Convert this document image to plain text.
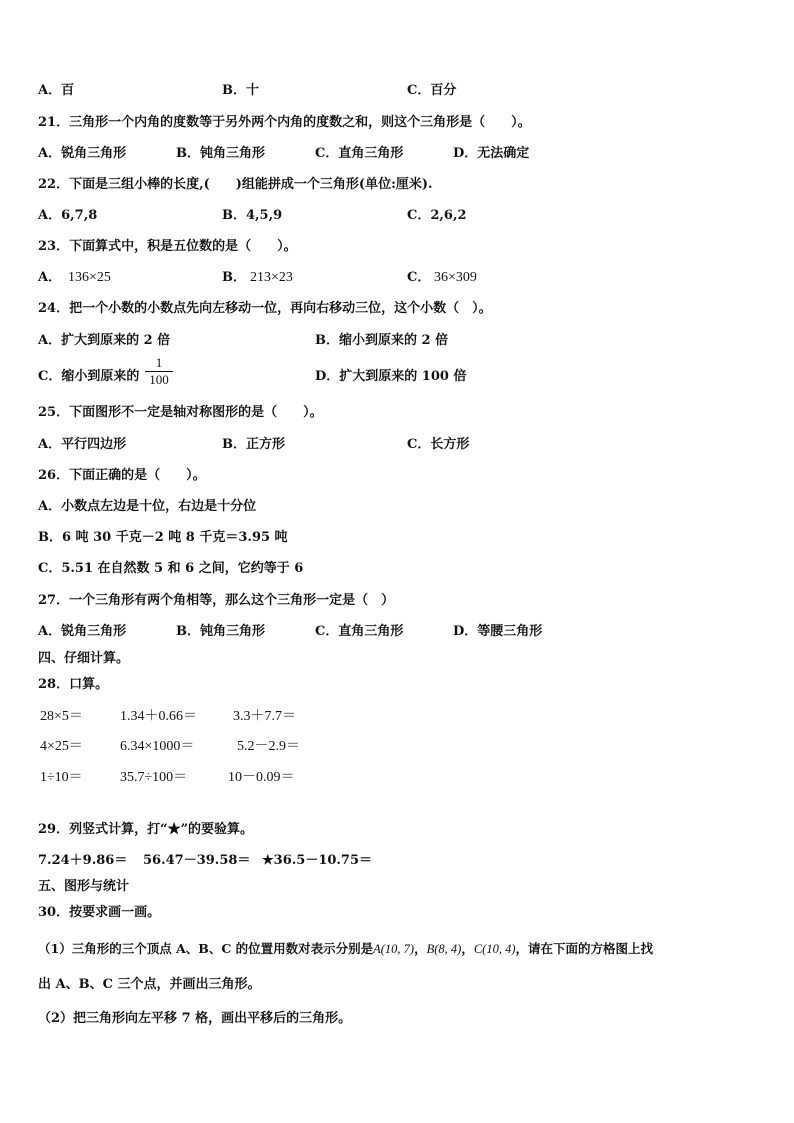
A．百	B．十	C．百分
21．三角形一个内角的度数等于另外两个内角的度数之和，则这个三角形是（　　）。
A．锐角三角形	B．钝角三角形	C．直角三角形	D．无法确定
22．下面是三组小棒的长度,(　　)组能拼成一个三角形(单位:厘米).
A．6,7,8	B．4,5,9	C．2,6,2
23．下面算式中，积是五位数的是（　　）。
A． 136×25	B． 213×23	C． 36×309
24．把一个小数的小数点先向左移动一位，再向右移动三位，这个小数（　）。
A．扩大到原来的 2 倍	B．缩小到原来的 2 倍
C．缩小到原来的
1
100	D．扩大到原来的 100 倍
25．下面图形不一定是轴对称图形的是（　　）。
A．平行四边形	B．正方形	C．长方形
26．下面正确的是（　　）。
A．小数点左边是十位，右边是十分位
B．6 吨 30 千克－2 吨 8 千克＝3.95 吨
C．5.51 在自然数 5 和 6 之间，它约等于 6
27．一个三角形有两个角相等，那么这个三角形一定是（　）
A．锐角三角形	B．钝角三角形	C．直角三角形	D．等腰三角形
四、仔细计算。
28．口算。
28×5＝	1.34＋0.66＝	3.3＋7.7＝
4×25＝	6.34×1000＝	5.2－2.9＝
1÷10＝	35.7÷100＝	10－0.09＝
29．列竖式计算，打“★”的要验算。
7.24＋9.86＝ 56.47－39.58＝ ★36.5－10.75＝
五、图形与统计
30．按要求画一画。
（1）三角形的三个顶点 A、B、C 的位置用数对表示分别是A(10, 7)，B(8, 4)，C(10, 4)，请在下面的方格图上找
出 A、B、C 三个点，并画出三角形。
（2）把三角形向左平移 7 格，画出平移后的三角形。
